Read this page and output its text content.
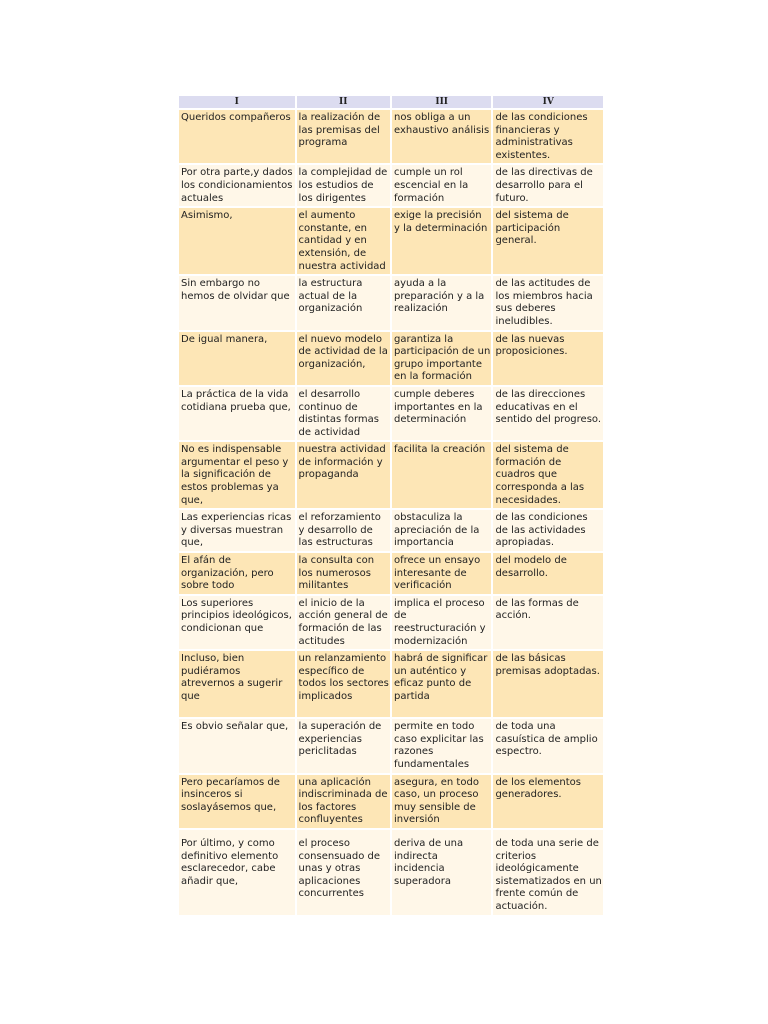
I	II	III	IV
Queridos compañeros	la realización de las premisas del programa	nos obliga a un exhaustivo análisis	de las condiciones financieras y administrativas existentes.
Por otra parte,y dados los condicionamientos actuales	la complejidad de los estudios de los dirigentes	cumple un rol escencial en la formación	de las directivas de desarrollo para el futuro.
Asimismo,	el aumento constante, en cantidad y en extensión, de nuestra actividad	exige la precisión y la determinación	del sistema de participación general.
Sin embargo no hemos de olvidar que	la estructura actual de la organización	ayuda a la preparación y a la realización	de las actitudes de los miembros hacia sus deberes ineludibles.
De igual manera,	el nuevo modelo de actividad de la organización,	garantiza la participación de un grupo importante en la formación	de las nuevas proposiciones.
La práctica de la vida cotidiana prueba que,	el desarrollo continuo de distintas formas de actividad	cumple deberes importantes en la determinación	de las direcciones educativas en el sentido del progreso.
No es indispensable argumentar el peso y la significación de estos problemas ya que,	nuestra actividad de información y propaganda	facilita la creación	del sistema de formación de cuadros que corresponda a las necesidades.
Las experiencias ricas y diversas muestran que,	el reforzamiento y desarrollo de las estructuras	obstaculiza la apreciación de la importancia	de las condiciones de las actividades apropiadas.
El afán de organización, pero sobre todo	la consulta con los numerosos militantes	ofrece un ensayo interesante de verificación	del modelo de desarrollo.
Los superiores principios ideológicos, condicionan que	el inicio de la acción general de formación de las actitudes	implica el proceso de reestructuración y modernización	de las formas de acción.
Incluso, bien pudiéramos atrevernos a sugerir que	un relanzamiento específico de todos los sectores implicados	habrá de significar un auténtico y eficaz punto de partida	de las básicas premisas adoptadas.
Es obvio señalar que,	la superación de experiencias periclitadas	permite en todo caso explicitar las razones fundamentales	de toda una casuística de amplio espectro.
Pero pecaríamos de insinceros si soslayásemos que,	una aplicación indiscriminada de los factores confluyentes	asegura, en todo caso, un proceso muy sensible de inversión	de los elementos generadores.
Por último, y como definitivo elemento esclarecedor, cabe añadir que,	el proceso consensuado de unas y otras aplicaciones concurrentes	deriva de una indirecta incidencia superadora	de toda una serie de criterios ideológicamente sistematizados en un frente común de actuación.
